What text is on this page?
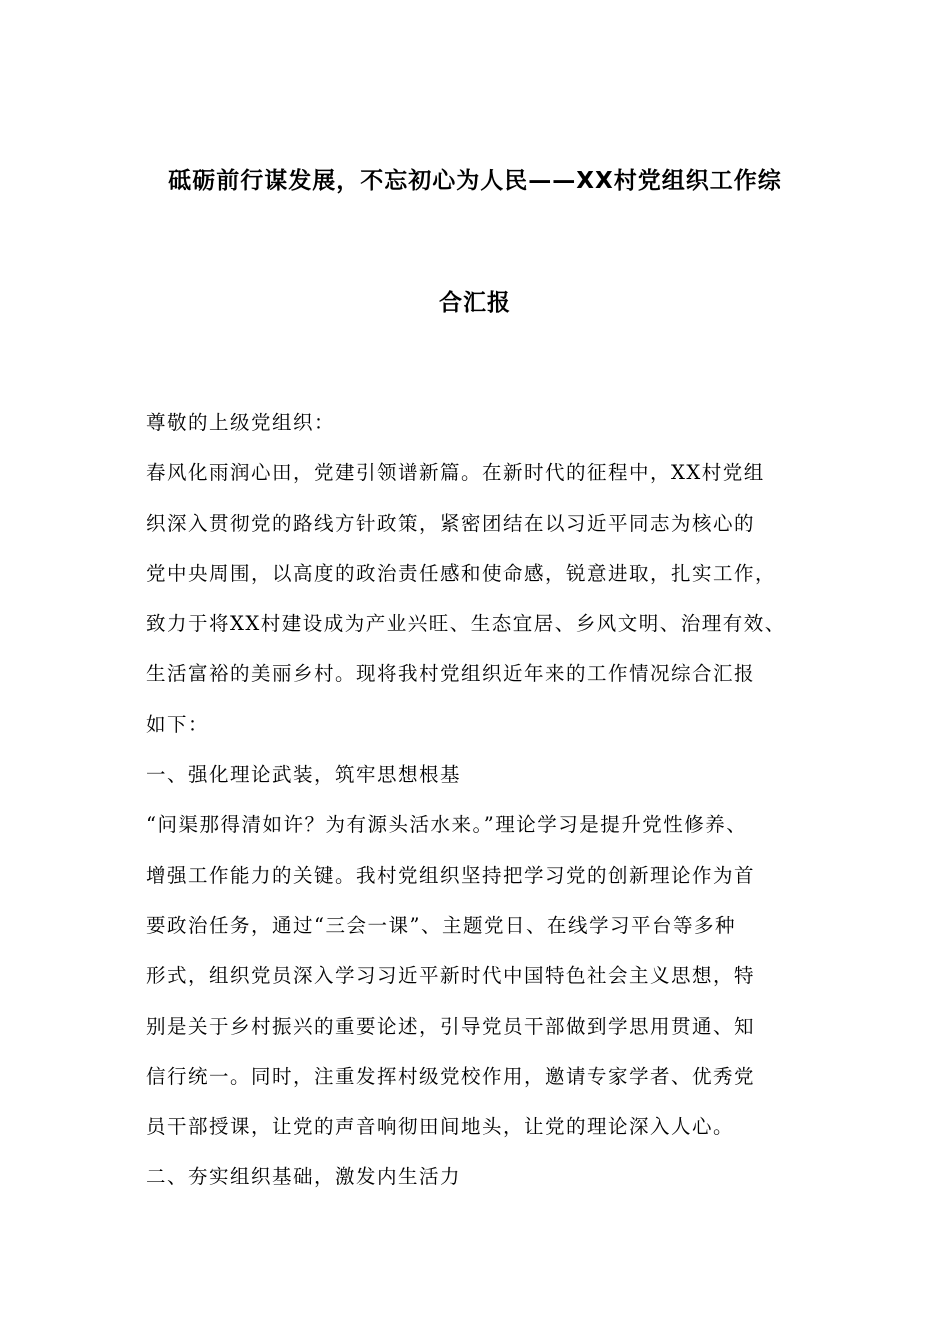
砥砺前行谋发展，不忘初心为人民——XX村党组织工作综
合汇报
尊敬的上级党组织：
春风化雨润心田，党建引领谱新篇。在新时代的征程中，XX村党组
织深入贯彻党的路线方针政策，紧密团结在以习近平同志为核心的
党中央周围，以高度的政治责任感和使命感，锐意进取，扎实工作，
致力于将XX村建设成为产业兴旺、生态宜居、乡风文明、治理有效、
生活富裕的美丽乡村。现将我村党组织近年来的工作情况综合汇报
如下：
一、强化理论武装，筑牢思想根基
“问渠那得清如许？为有源头活水来。”理论学习是提升党性修养、
增强工作能力的关键。我村党组织坚持把学习党的创新理论作为首
要政治任务，通过“三会一课”、主题党日、在线学习平台等多种
形式，组织党员深入学习习近平新时代中国特色社会主义思想，特
别是关于乡村振兴的重要论述，引导党员干部做到学思用贯通、知
信行统一。同时，注重发挥村级党校作用，邀请专家学者、优秀党
员干部授课，让党的声音响彻田间地头，让党的理论深入人心。
二、夯实组织基础，激发内生活力
